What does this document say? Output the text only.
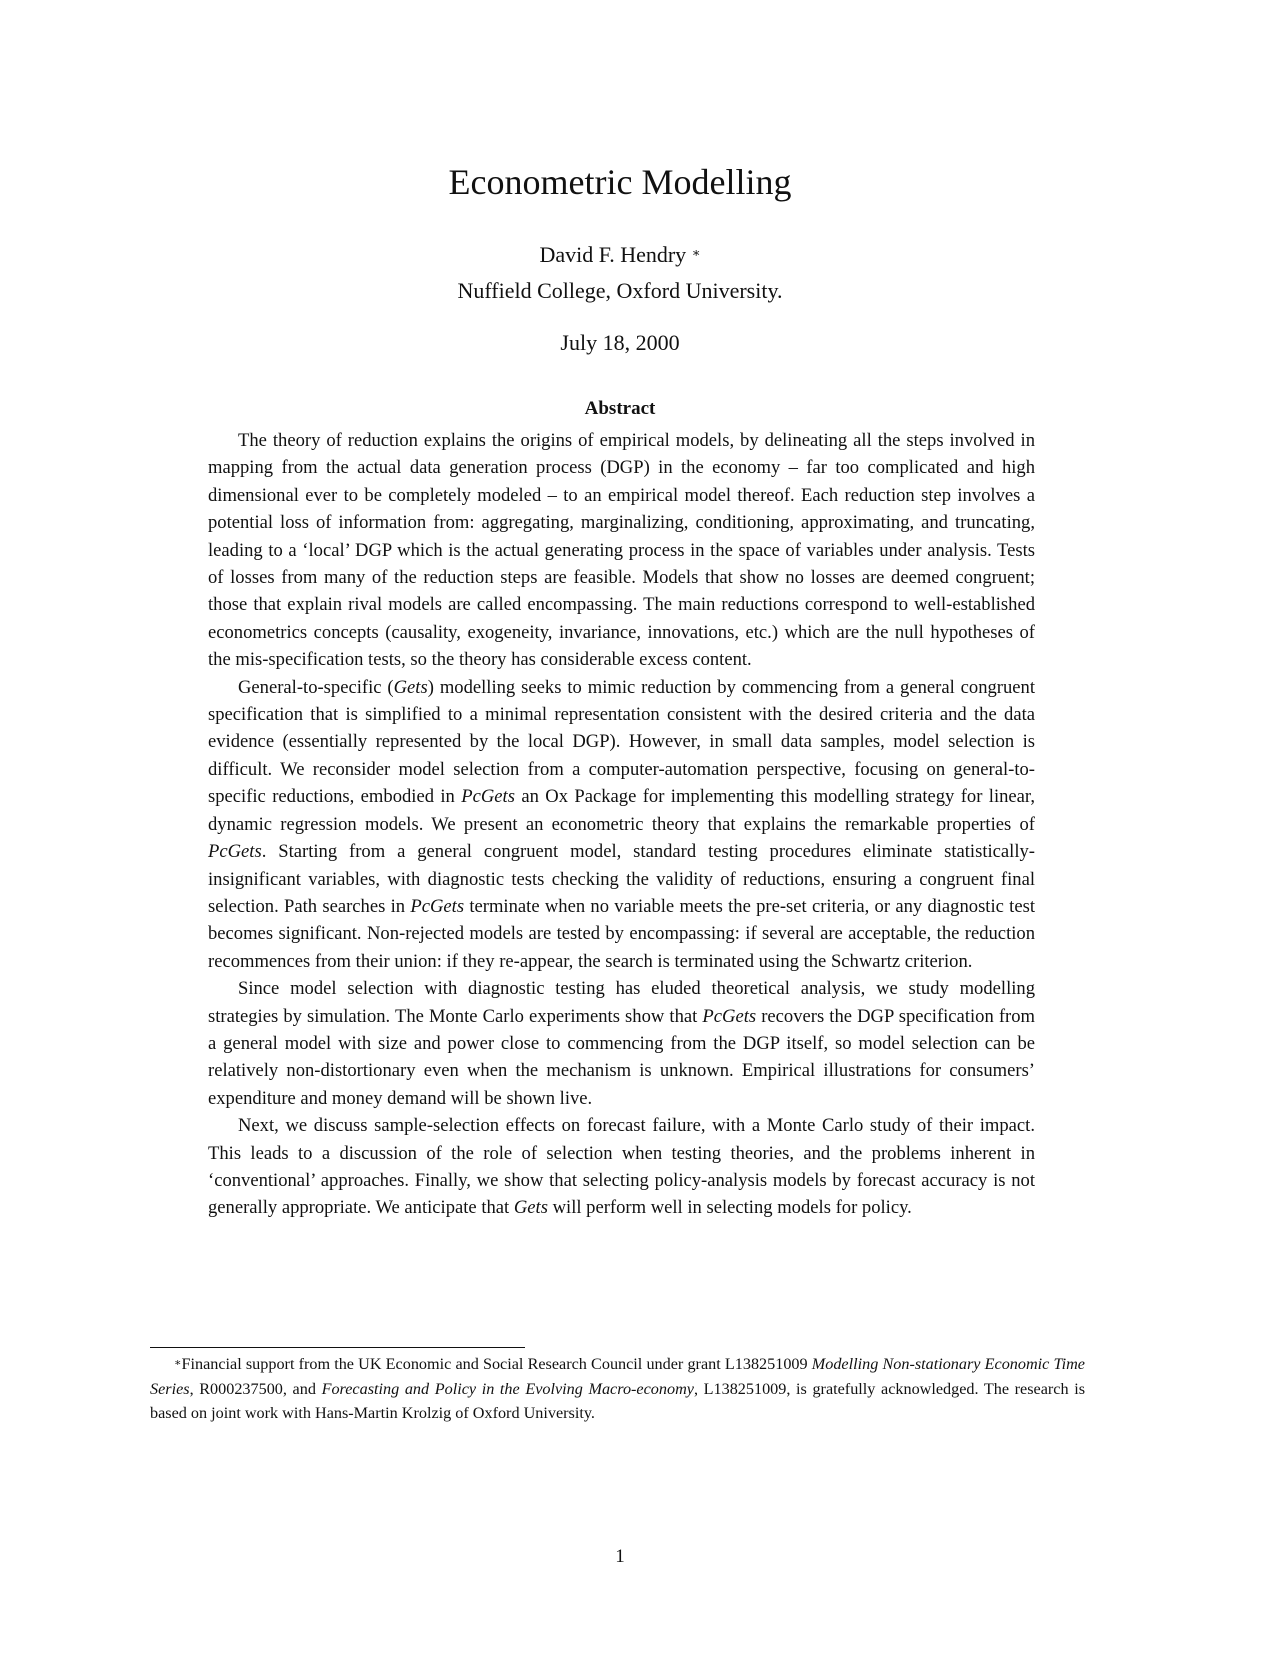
Econometric Modelling
David F. Hendry ∗
Nuffield College, Oxford University.
July 18, 2000
Abstract

The theory of reduction explains the origins of empirical models, by delineating all the steps involved in mapping from the actual data generation process (DGP) in the economy – far too complicated and high dimensional ever to be completely modeled – to an empirical model thereof. Each reduction step involves a potential loss of information from: aggregating, marginalizing, conditioning, approximating, and truncating, leading to a ‘local’ DGP which is the actual generating process in the space of variables under analysis. Tests of losses from many of the reduction steps are feasible. Models that show no losses are deemed congruent; those that explain rival models are called encompassing. The main reductions correspond to well-established econometrics concepts (causality, exogeneity, invariance, innovations, etc.) which are the null hypotheses of the mis-specification tests, so the theory has considerable excess content.

General-to-specific (Gets) modelling seeks to mimic reduction by commencing from a general congruent specification that is simplified to a minimal representation consistent with the desired criteria and the data evidence (essentially represented by the local DGP). However, in small data samples, model selection is difficult. We reconsider model selection from a computer-automation perspective, focusing on general-to-specific reductions, embodied in PcGets an Ox Package for implementing this modelling strategy for linear, dynamic regression models. We present an econometric theory that explains the remarkable properties of PcGets. Starting from a general congruent model, standard testing procedures eliminate statistically-insignificant variables, with diagnostic tests checking the validity of reductions, ensuring a congruent final selection. Path searches in PcGets terminate when no variable meets the pre-set criteria, or any diagnostic test becomes significant. Non-rejected models are tested by encompassing: if several are acceptable, the reduction recommences from their union: if they re-appear, the search is terminated using the Schwartz criterion.

Since model selection with diagnostic testing has eluded theoretical analysis, we study modelling strategies by simulation. The Monte Carlo experiments show that PcGets recovers the DGP specification from a general model with size and power close to commencing from the DGP itself, so model selection can be relatively non-distortionary even when the mechanism is unknown. Empirical illustrations for consumers’ expenditure and money demand will be shown live.

Next, we discuss sample-selection effects on forecast failure, with a Monte Carlo study of their impact. This leads to a discussion of the role of selection when testing theories, and the problems inherent in ‘conventional’ approaches. Finally, we show that selecting policy-analysis models by forecast accuracy is not generally appropriate. We anticipate that Gets will perform well in selecting models for policy.

∗Financial support from the UK Economic and Social Research Council under grant L138251009 Modelling Non-stationary Economic Time Series, R000237500, and Forecasting and Policy in the Evolving Macro-economy, L138251009, is gratefully acknowledged. The research is based on joint work with Hans-Martin Krolzig of Oxford University.

1
